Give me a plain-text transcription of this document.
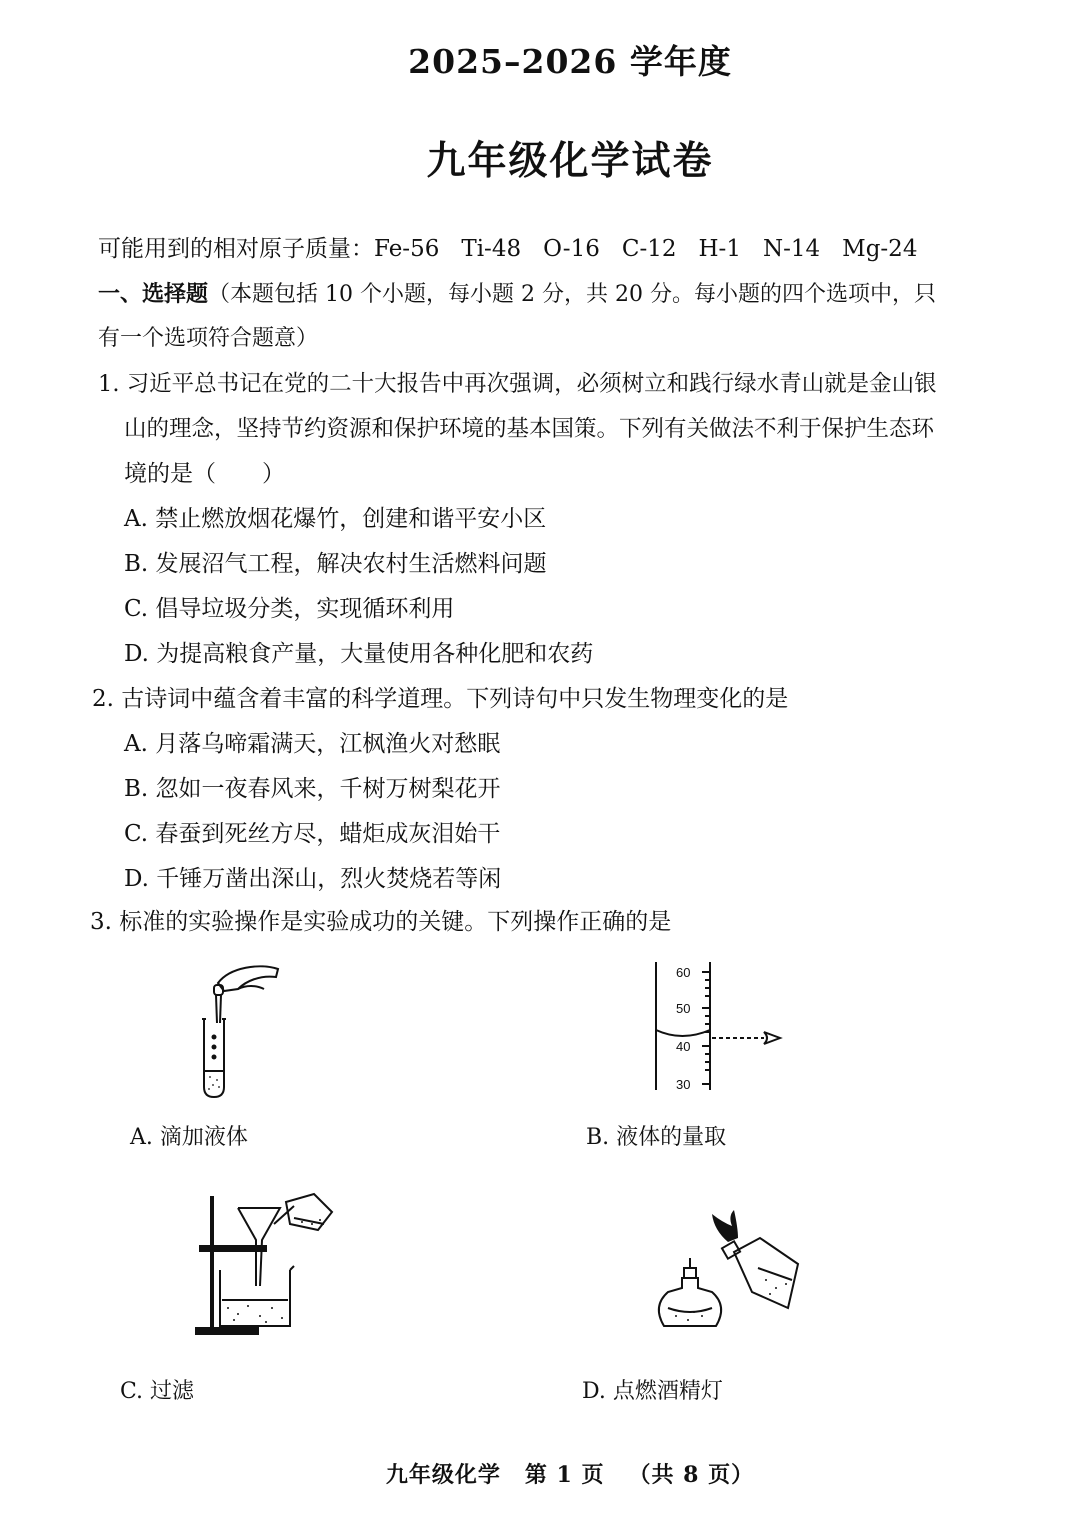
2025–2026 学年度
九年级化学试卷
可能用到的相对原子质量：Fe-56 Ti-48 O-16 C-12 H-1 N-14 Mg-24
一、选择题（本题包括 10 个小题，每小题 2 分，共 20 分。每小题的四个选项中，只
有一个选项符合题意）
1. 习近平总书记在党的二十大报告中再次强调，必须树立和践行绿水青山就是金山银
山的理念，坚持节约资源和保护环境的基本国策。下列有关做法不利于保护生态环
境的是（　　）
A. 禁止燃放烟花爆竹，创建和谐平安小区
B. 发展沼气工程，解决农村生活燃料问题
C. 倡导垃圾分类，实现循环利用
D. 为提高粮食产量，大量使用各种化肥和农药
2. 古诗词中蕴含着丰富的科学道理。下列诗句中只发生物理变化的是
A. 月落乌啼霜满天，江枫渔火对愁眠
B. 忽如一夜春风来，千树万树梨花开
C. 春蚕到死丝方尽，蜡炬成灰泪始干
D. 千锤万凿出深山，烈火焚烧若等闲
3. 标准的实验操作是实验成功的关键。下列操作正确的是
A. 滴加液体
60
50
40
30
B. 液体的量取
C. 过滤	D. 点燃酒精灯
九年级化学 第 1 页 （共 8 页）
